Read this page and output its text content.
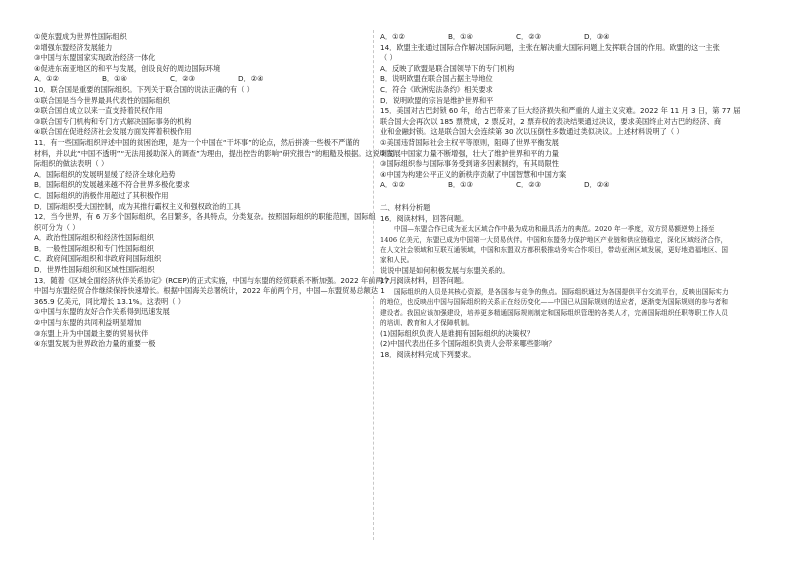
①使东盟成为世界性国际组织

②增强东盟经济发展能力

③中国与东盟国家实现政治经济一体化

④促进东南亚地区的和平与发展，创设良好的周边国际环境

A．①②	B．①④	C．②③	D．②④

10．联合国是重要的国际组织。下列关于联合国的说法正确的有（ ）

①联合国是当今世界最具代表性的国际组织

②联合国自成立以来一直支持着民权作用

③联合国专门机构和专门方式解决国际事务的机构

④联合国在促进经济社会发展方面发挥着积极作用

11．有一些国际组织评述中国的贫困治理，是为一个中国在“干坏事”的论点，然后拼凑一些极不严谨的

材料，并以此“中国不透明”“无法用援助深入的调查”为理由，提出控告的影响“研究报告”的粗糙及根据。这说明国

际组织的做法表明（ ）

A．国际组织的发展明显缓了经济全球化趋势

B．国际组织的发展越来越不符合世界多极化要求

C．国际组织的消极作用超过了其积极作用

D．国际组织受大国控制，成为其推行霸权主义和强权政治的工具

12．当今世界，有 6 万多个国际组织，名目繁多，各具特点，分类复杂。按照国际组织的职能范围，国际组

织可分为（ ）

A．政治性国际组织和经济性国际组织

B．一般性国际组织和专门性国际组织

C．政府间国际组织和非政府间国际组织

D．世界性国际组织和区域性国际组织

13．随着《区域全面经济伙伴关系协定》(RCEP)的正式实施，中国与东盟的经贸联系不断加强。2022 年前两个月，

中国与东盟经贸合作继续保持快速增长。根据中国海关总署统计，2022 年前两个月，中国—东盟贸易总额达 1

365.9 亿美元，同比增长 13.1%。这表明（ ）

①中国与东盟的友好合作关系得到迅速发展

②中国与东盟的共同利益明显增加

③东盟上升为中国最主要的贸易伙伴

④东盟发展为世界政治力量的重要一极

A．①②	B．①④	C．②③	D．③④

14．欧盟主张通过国际合作解决国际问题，主张在解决重大国际问题上发挥联合国的作用。欧盟的这一主张

（ ）

A．反映了欧盟是联合国领导下的专门机构

B．说明欧盟在联合国占据主导地位

C．符合《欧洲宪法条约》相关要求

D．说明欧盟的宗旨是维护世界和平

15．美国对古巴封锁 60 年，给古巴带来了巨大经济损失和严重的人道主义灾难。2022 年 11 月 3 日，第 77 届

联合国大会再次以 185 票赞成，2 票反对，2 票弃权的表决结果通过决议，要求美国终止对古巴的经济、商

业和金融封锁。这是联合国大会连续第 30 次以压倒性多数通过类似决议。上述材料说明了（ ）

①美国违背国际社会主权平等原则，阻碍了世界平衡发展

②发展中国家力量不断增强，壮大了维护世界和平的力量

③国际组织参与国际事务受到诸多因素制约，有其局限性

④中国为构建公平正义的新秩序贡献了中国智慧和中国方案

A．①②	B．①③	C．②③	D．②④

二、材料分析题

16．阅读材料，回答问题。

中国—东盟合作已成为亚太区域合作中最为成功和最具活力的典范。2020 年一季度，双方贸易额逆势上扬至 1406 亿美元，东盟已成为中国第一大贸易伙伴。中国和东盟务力保护地区产业链和供应链稳定，深化区域经济合作，在人文社会领域和互联互通领域，中国和东盟双方都积极推动务实合作项目，带动亚洲区域发展，更好地造福地区、国家和人民。

说说中国是如何积极发展与东盟关系的。

17．阅读材料，回答问题。

国际组织的人员是其核心资源，是各国参与竞争的焦点。国际组织通过为各国提供平台交流平台，反映出国际实力的地位，也反映出中国与国际组织的关系正在经历变化——中国已从国际规则的适应者，逐渐变为国际规则的参与者和建设者。我国应该加强建设，培养更多精通国际规则制定和国际组织管理的各类人才，完善国际组织任职等职工作人员的培训、教育和人才保障机制。

(1)国际组织负责人是谁拥有国际组织的决策权？

(2)中国代表出任多个国际组织负责人会带来哪些影响？

18．阅读材料完成下列要求。
